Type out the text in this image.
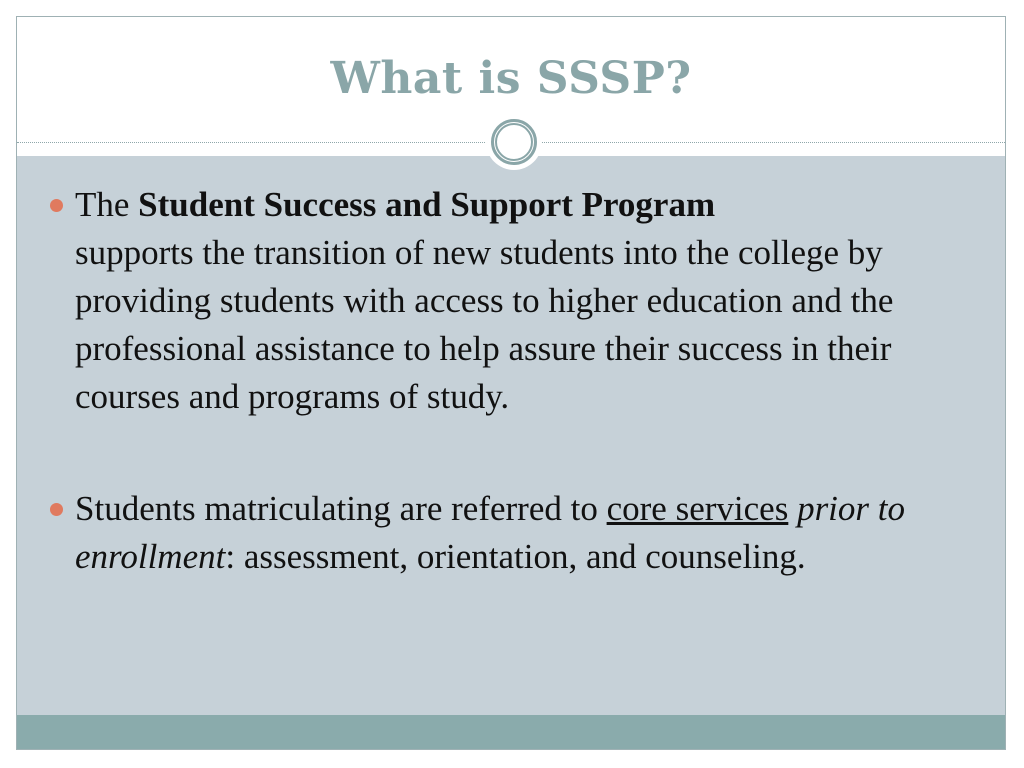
What is SSSP?
The Student Success and Support Program
supports the transition of new students into the college by providing students with access to higher education and the professional assistance to help assure their success in their courses and programs of study.
Students matriculating are referred to core services prior to enrollment: assessment, orientation, and counseling.
